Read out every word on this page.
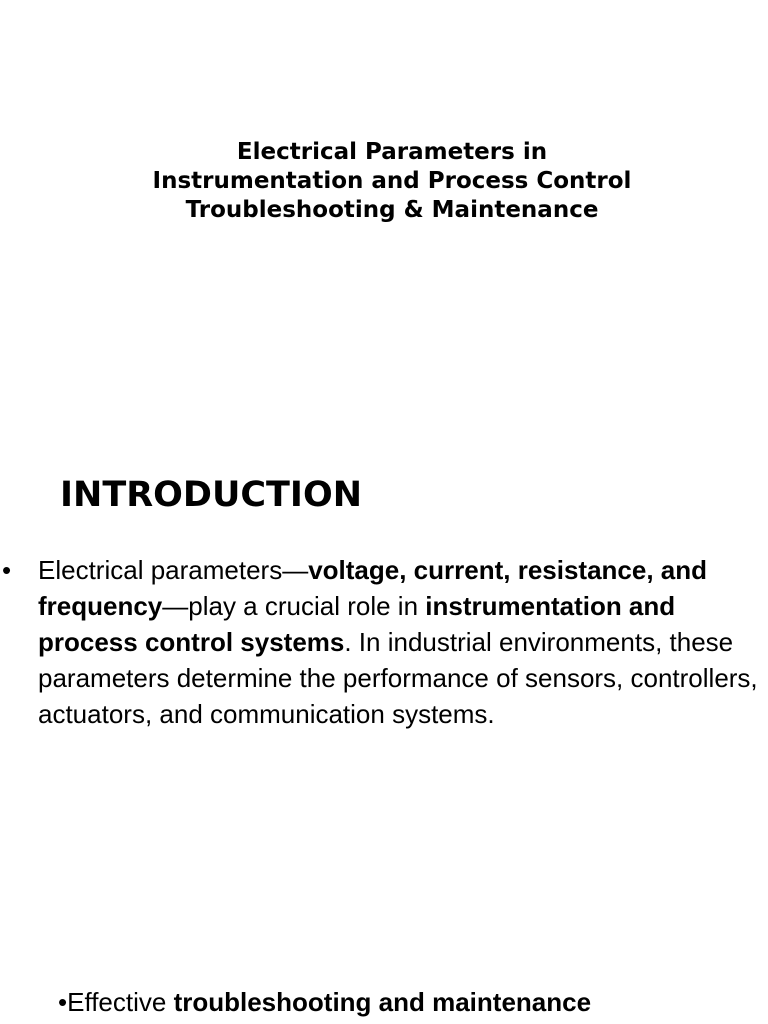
Electrical Parameters in Instrumentation and Process Control Troubleshooting & Maintenance
INTRODUCTION

• Electrical parameters—voltage, current, resistance, and frequency—play a crucial role in instrumentation and process control systems. In industrial environments, these parameters determine the performance of sensors, controllers, actuators, and communication systems.

•Effective troubleshooting and maintenance
